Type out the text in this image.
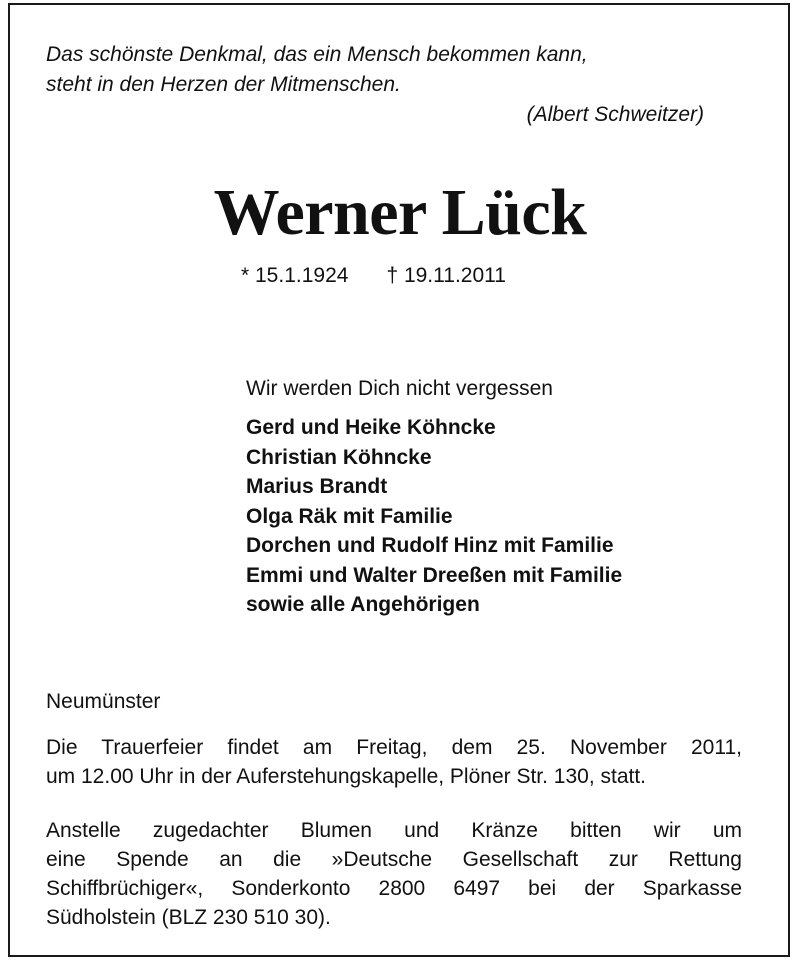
Das schönste Denkmal, das ein Mensch bekommen kann,
steht in den Herzen der Mitmenschen.
(Albert Schweitzer)
Werner Lück
* 15.1.1924 † 19.11.2011
Wir werden Dich nicht vergessen
Gerd und Heike Köhncke
Christian Köhncke
Marius Brandt
Olga Räk mit Familie
Dorchen und Rudolf Hinz mit Familie
Emmi und Walter Dreeßen mit Familie
sowie alle Angehörigen
Neumünster
Die Trauerfeier findet am Freitag, dem 25. November 2011,
um 12.00 Uhr in der Auferstehungskapelle, Plöner Str. 130, statt.
Anstelle zugedachter Blumen und Kränze bitten wir um
eine Spende an die »Deutsche Gesellschaft zur Rettung
Schiffbrüchiger«, Sonderkonto 2800 6497 bei der Sparkasse
Südholstein (BLZ 230 510 30).
